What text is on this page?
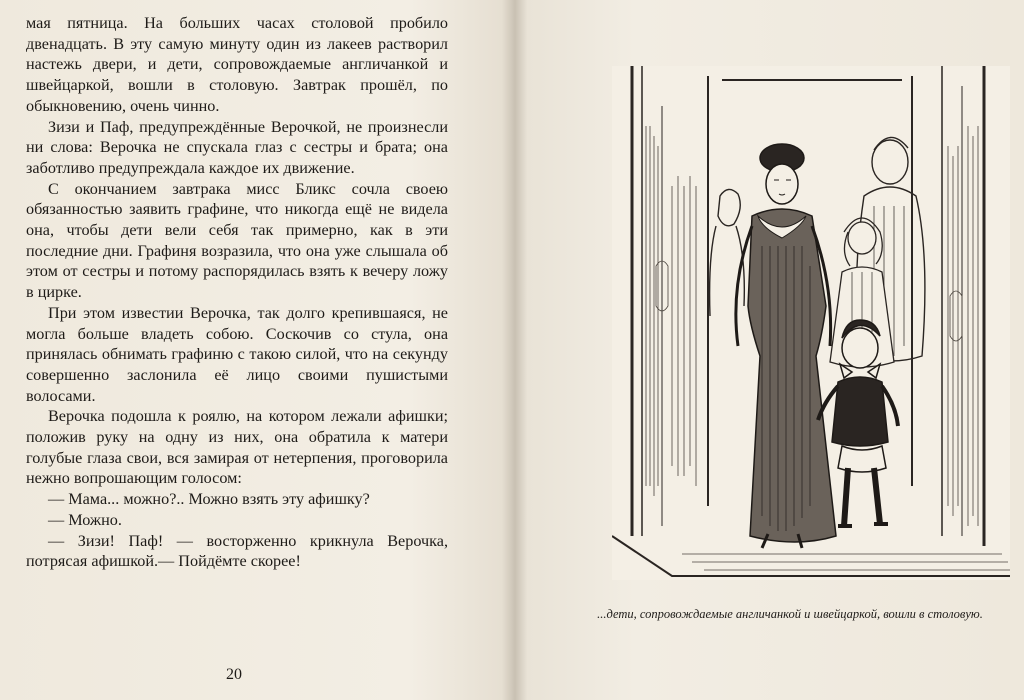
мая пятница. На больших часах столовой пробило двенадцать. В эту самую минуту один из лакеев растворил настежь двери, и дети, сопровождаемые англичанкой и швейцаркой, вошли в столовую. Завтрак прошёл, по обыкновению, очень чинно.

Зизи и Паф, предупреждённые Верочкой, не произнесли ни слова: Верочка не спускала глаз с сестры и брата; она заботливо предупреждала каждое их движение.

С окончанием завтрака мисс Бликс сочла своею обязанностью заявить графине, что никогда ещё не видела она, чтобы дети вели себя так примерно, как в эти последние дни. Графиня возразила, что она уже слышала об этом от сестры и потому распорядилась взять к вечеру ложу в цирке.

При этом известии Верочка, так долго крепившаяся, не могла больше владеть собою. Соскочив со стула, она принялась обнимать графиню с такою силой, что на секунду совершенно заслонила её лицо своими пушистыми волосами.

Верочка подошла к роялю, на котором лежали афишки; положив руку на одну из них, она обратила к матери голубые глаза свои, вся замирая от нетерпения, проговорила нежно вопрошающим голосом:

— Мама... можно?.. Можно взять эту афишку?

— Можно.

— Зизи! Паф! — восторженно крикнула Верочка, потрясая афишкой.— Пойдёмте скорее!

20
...дети, сопровождаемые англичанкой и швейцаркой, вошли в столовую.
